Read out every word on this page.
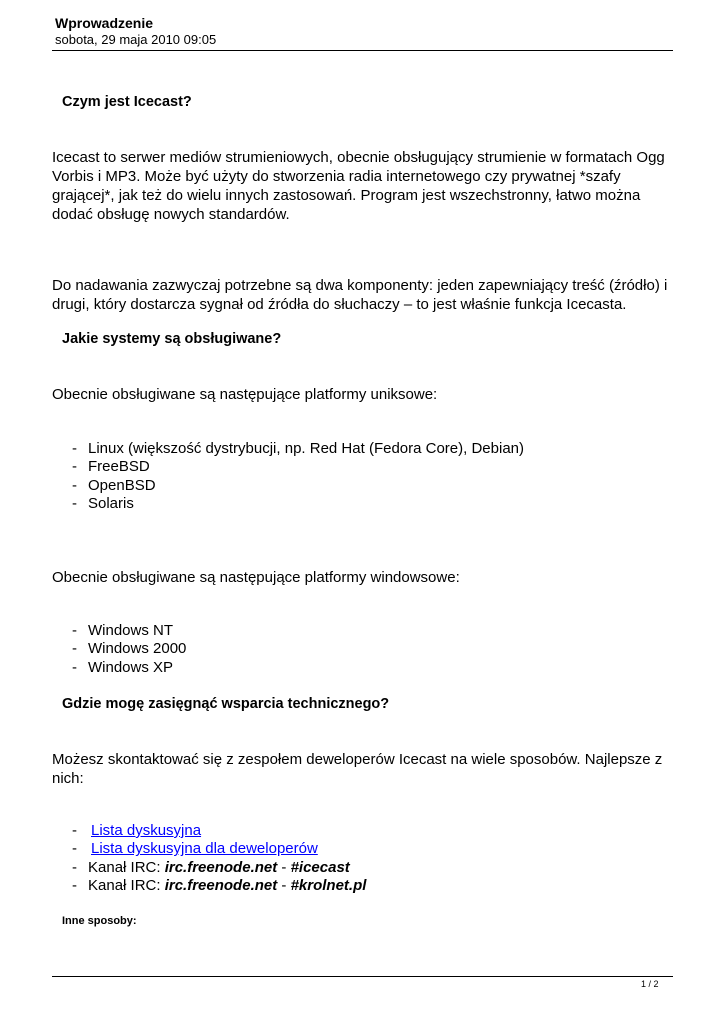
Wprowadzenie
sobota, 29 maja 2010 09:05
Czym jest Icecast?
Icecast to serwer mediów strumieniowych, obecnie obsługujący strumienie w formatach Ogg Vorbis i MP3. Może być użyty do stworzenia radia internetowego czy prywatnej *szafy grającej*, jak też do wielu innych zastosowań. Program jest wszechstronny, łatwo można dodać obsługę nowych standardów.
Do nadawania zazwyczaj potrzebne są dwa komponenty: jeden zapewniający treść (źródło) i drugi, który dostarcza sygnał od źródła do słuchaczy – to jest właśnie funkcja Icecasta.
Jakie systemy są obsługiwane?
Obecnie obsługiwane są następujące platformy uniksowe:
- Linux (większość dystrybucji, np. Red Hat (Fedora Core), Debian)
- FreeBSD
- OpenBSD
- Solaris
Obecnie obsługiwane są następujące platformy windowsowe:
- Windows NT
- Windows 2000
- Windows XP
Gdzie mogę zasięgnąć wsparcia technicznego?
Możesz skontaktować się z zespołem deweloperów Icecast na wiele sposobów. Najlepsze z nich:
- Lista dyskusyjna
- Lista dyskusyjna dla deweloperów
- Kanał IRC: irc.freenode.net - #icecast
- Kanał IRC: irc.freenode.net - #krolnet.pl
Inne sposoby:
1 / 2
